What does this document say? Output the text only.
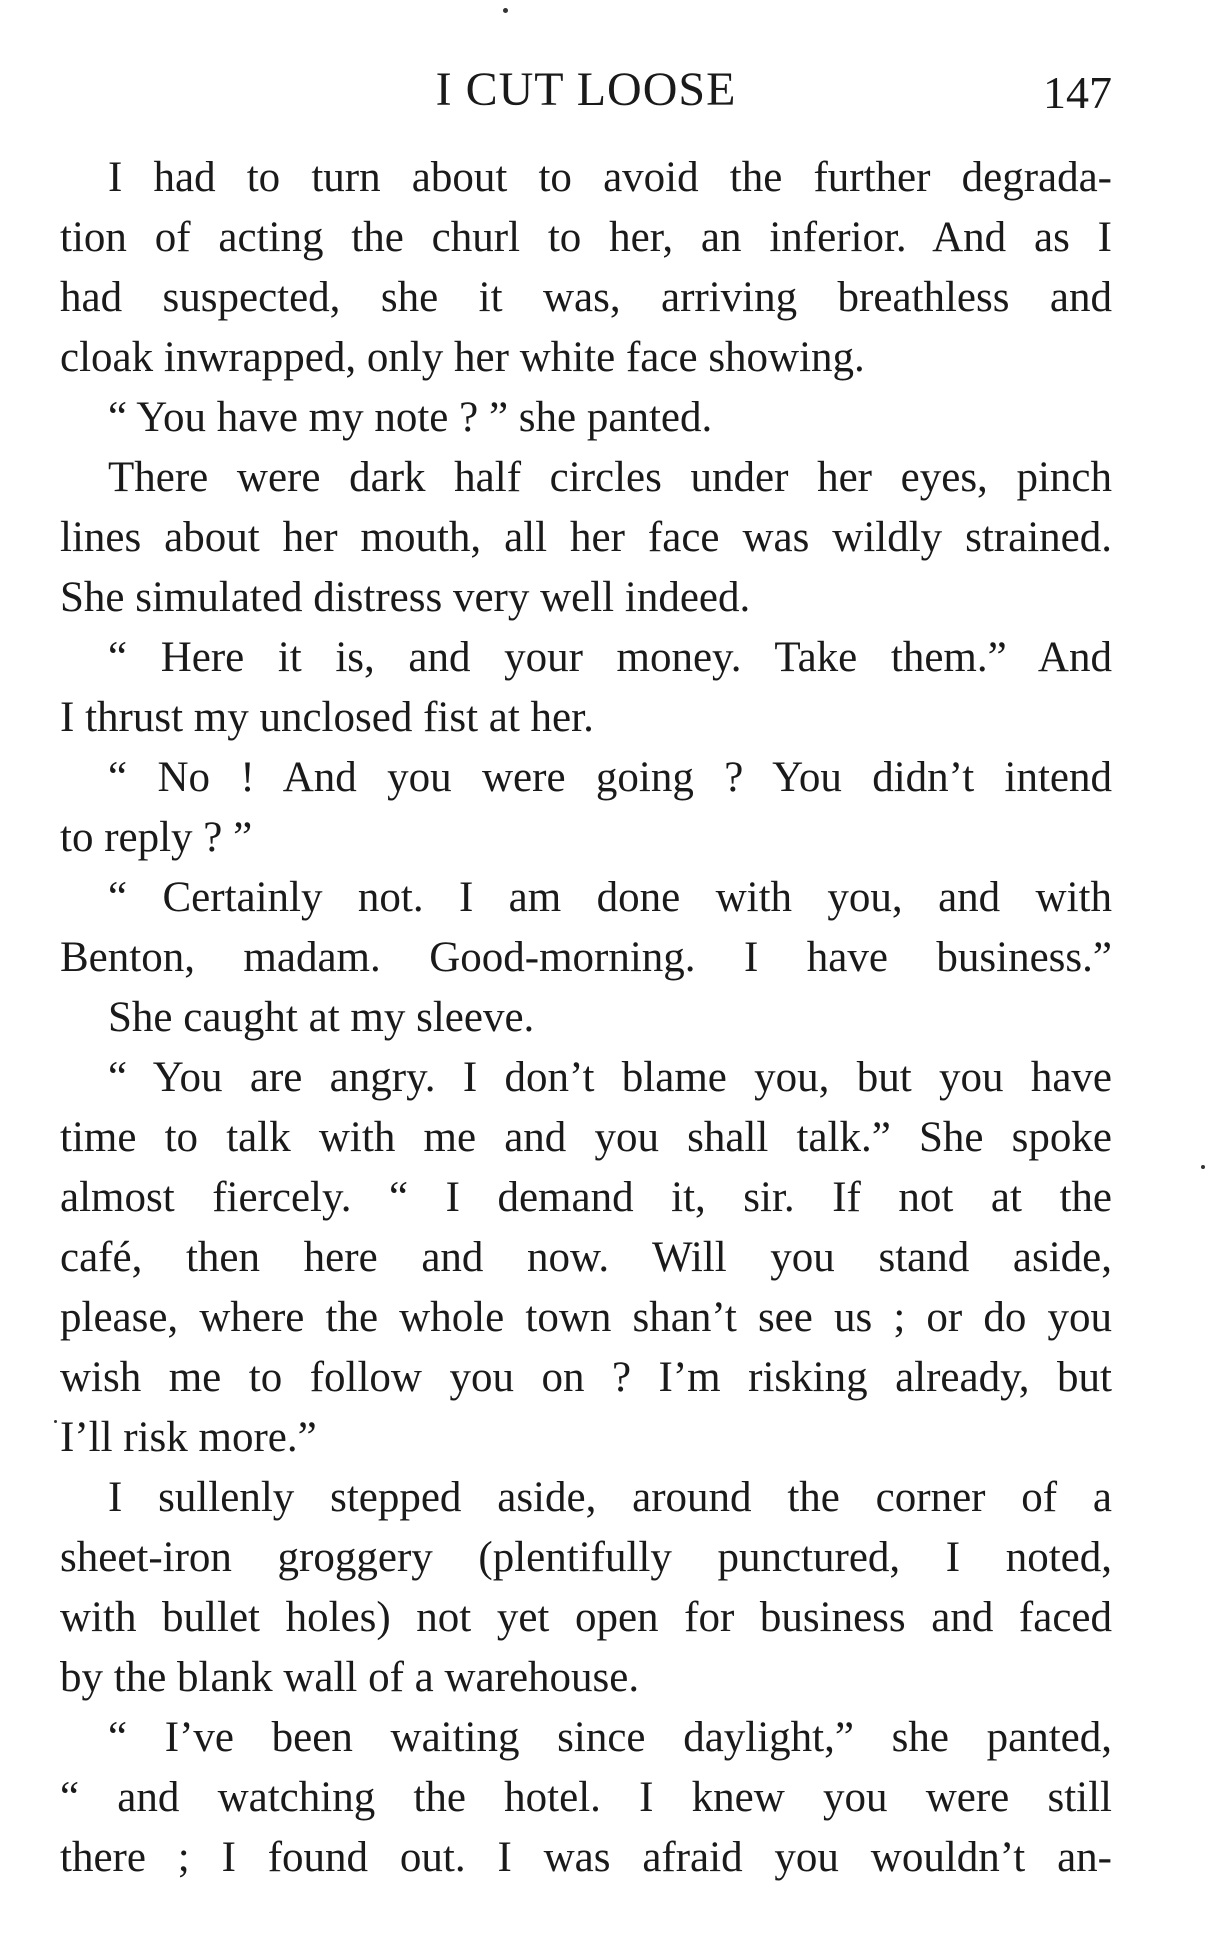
I CUT LOOSE	147
I had to turn about to avoid the further degrada-
tion of acting the churl to her, an inferior. And as I
had suspected, she it was, arriving breathless and
cloak inwrapped, only her white face showing.
“ You have my note ? ” she panted.
There were dark half circles under her eyes, pinch
lines about her mouth, all her face was wildly strained.
She simulated distress very well indeed.
“ Here it is, and your money. Take them.” And
I thrust my unclosed fist at her.
“ No ! And you were going ? You didn’t intend
to reply ? ”
“ Certainly not. I am done with you, and with
Benton, madam. Good-morning. I have business.”
She caught at my sleeve.
“ You are angry. I don’t blame you, but you have
time to talk with me and you shall talk.” She spoke
almost fiercely. “ I demand it, sir. If not at the
café, then here and now. Will you stand aside,
please, where the whole town shan’t see us ; or do you
wish me to follow you on ? I’m risking already, but
I’ll risk more.”
I sullenly stepped aside, around the corner of a
sheet-iron groggery (plentifully punctured, I noted,
with bullet holes) not yet open for business and faced
by the blank wall of a warehouse.
“ I’ve been waiting since daylight,” she panted,
“ and watching the hotel. I knew you were still
there ; I found out. I was afraid you wouldn’t an-
